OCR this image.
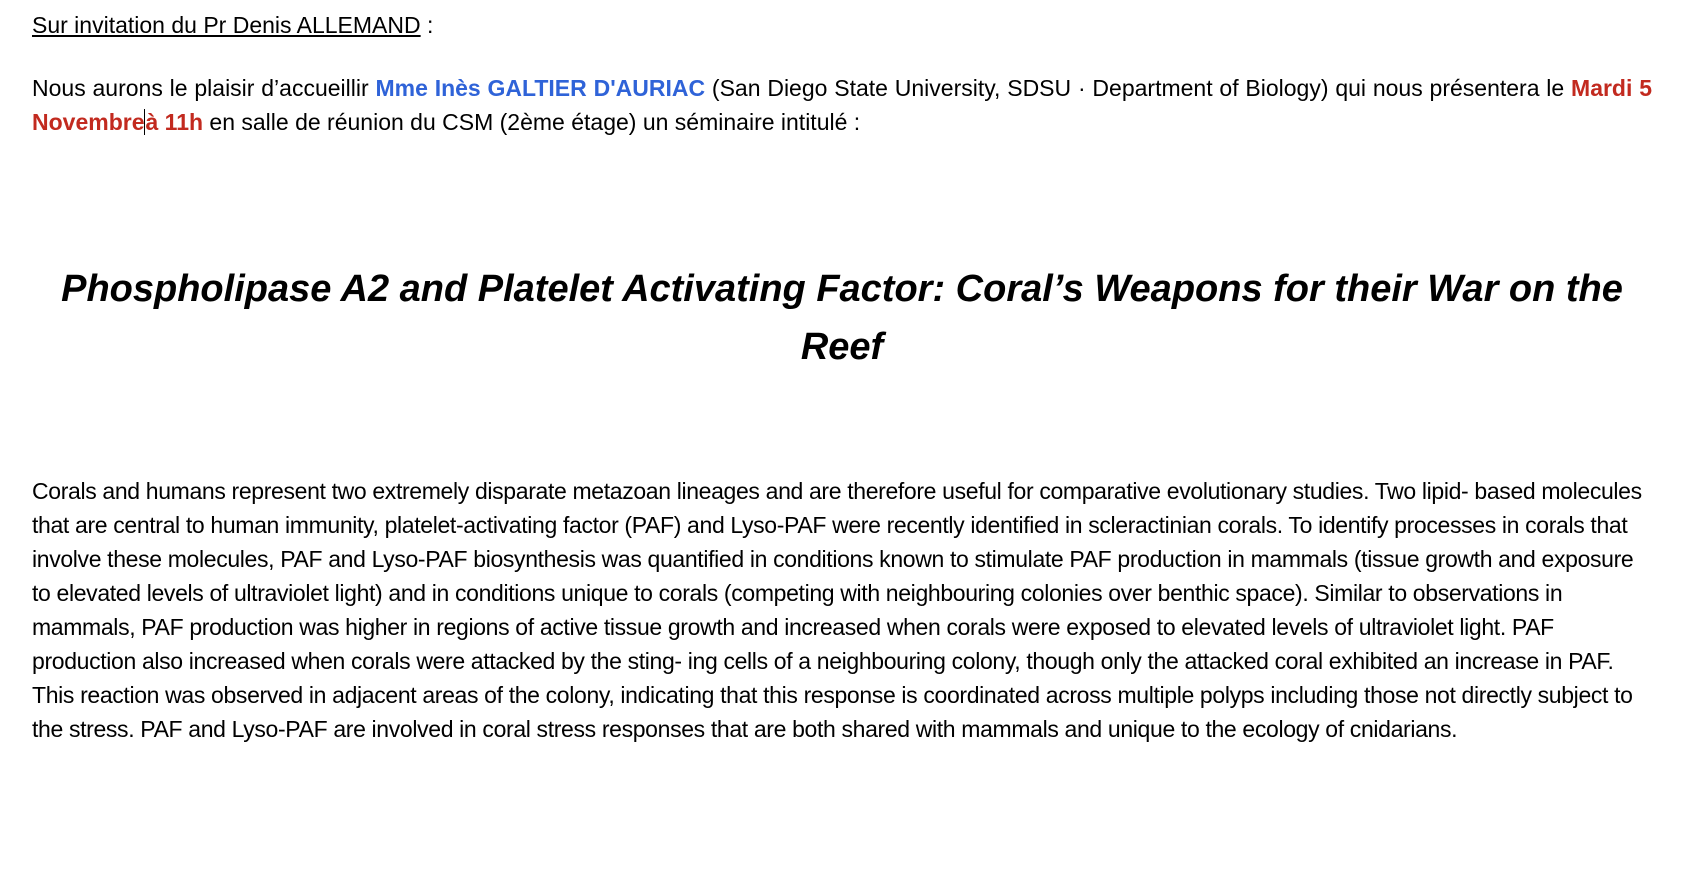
Sur invitation du Pr Denis ALLEMAND :
Nous aurons le plaisir d’accueillir Mme Inès GALTIER D'AURIAC (San Diego State University, SDSU · Department of Biology) qui nous présentera le Mardi 5 Novembreà 11h en salle de réunion du CSM (2ème étage) un séminaire intitulé :
Phospholipase A2 and Platelet Activating Factor: Coral’s Weapons for their War on the Reef
Corals and humans represent two extremely disparate metazoan lineages and are therefore useful for comparative evolutionary studies. Two lipid- based molecules that are central to human immunity, platelet-activating factor (PAF) and Lyso-PAF were recently identified in scleractinian corals. To identify processes in corals that involve these molecules, PAF and Lyso-PAF biosynthesis was quantified in conditions known to stimulate PAF production in mammals (tissue growth and exposure to elevated levels of ultraviolet light) and in conditions unique to corals (competing with neighbouring colonies over benthic space). Similar to observations in mammals, PAF production was higher in regions of active tissue growth and increased when corals were exposed to elevated levels of ultraviolet light. PAF production also increased when corals were attacked by the sting- ing cells of a neighbouring colony, though only the attacked coral exhibited an increase in PAF. This reaction was observed in adjacent areas of the colony, indicating that this response is coordinated across multiple polyps including those not directly subject to the stress. PAF and Lyso-PAF are involved in coral stress responses that are both shared with mammals and unique to the ecology of cnidarians.
